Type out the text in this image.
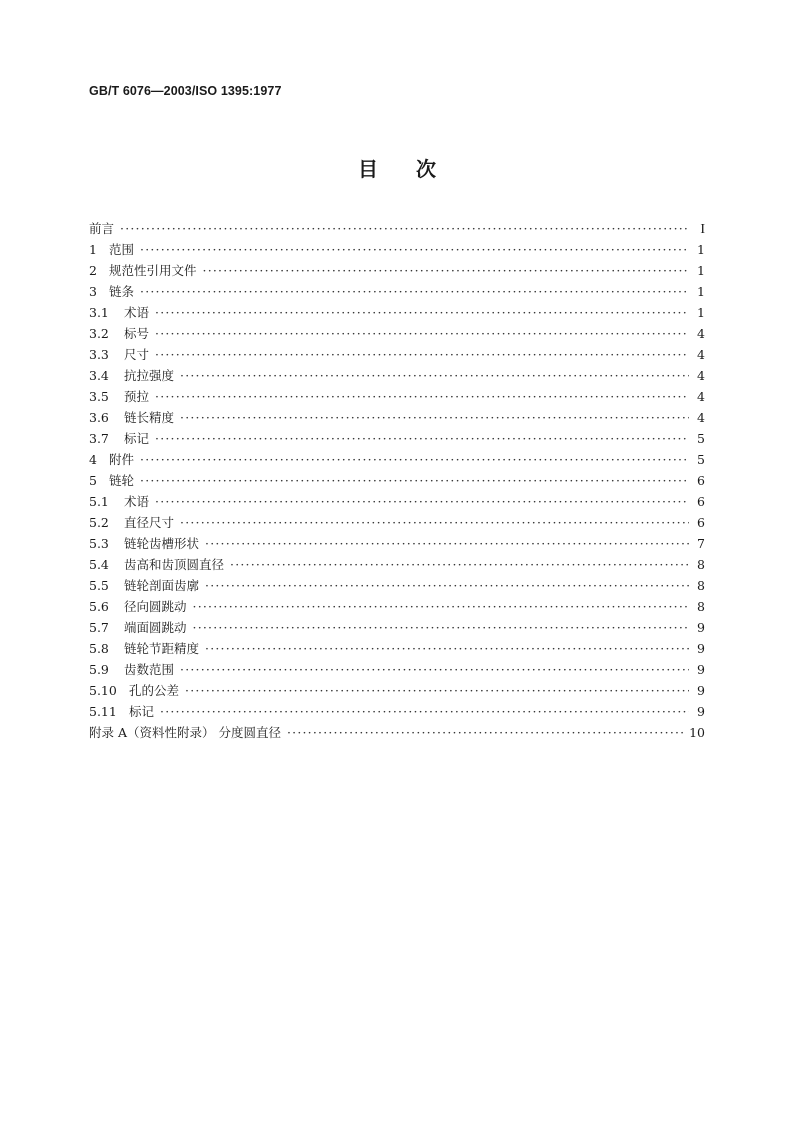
GB/T 6076—2003/ISO 1395:1977
目 次
前言 ·····	I
1 范围 ·····	1
2 规范性引用文件 ·····	1
3 链条 ·····	1
3.1	术语 ·····	1
3.2	标号 ·····	4
3.3	尺寸 ·····	4
3.4	抗拉强度 ·····	4
3.5	预拉 ·····	4
3.6	链长精度 ·····	4
3.7	标记 ·····	5
4 附件 ·····	5
5 链轮 ·····	6
5.1	术语 ·····	6
5.2	直径尺寸 ·····	6
5.3	链轮齿槽形状 ·····	7
5.4	齿高和齿顶圆直径 ·····	8
5.5	链轮剖面齿廓 ·····	8
5.6	径向圆跳动 ·····	8
5.7	端面圆跳动 ·····	9
5.8	链轮节距精度 ·····	9
5.9	齿数范围 ·····	9
5.10 孔的公差 ·····	9
5.11 标记 ·····	9
附录 A（资料性附录） 分度圆直径 ·····	10
